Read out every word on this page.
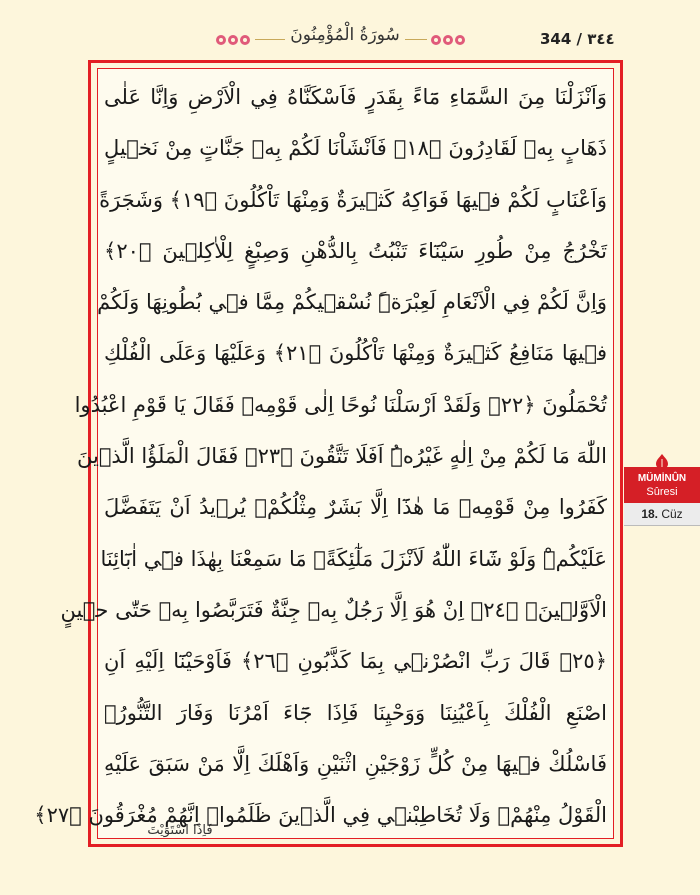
سُورَةُ الْمُؤْمِنُونَ	344 / ٣٤٤
وَاَنْزَلْنَا مِنَ السَّمَٓاءِ مَٓاءً بِقَدَرٍ فَاَسْكَنَّاهُ فِي الْاَرْضِ وَاِنَّا عَلٰى
ذَهَابٍ بِه۪ لَقَادِرُونَ ﴿١٨﴾ فَاَنْشَاْنَا لَكُمْ بِه۪ جَنَّاتٍ مِنْ نَخ۪يلٍ
وَاَعْنَابٍ لَكُمْ ف۪يهَا فَوَاكِهُ كَث۪يرَةٌ وَمِنْهَا تَاْكُلُونَ ﴿١٩﴾ وَشَجَرَةً
تَخْرُجُ مِنْ طُورِ سَيْنَٓاءَ تَنْبُتُ بِالدُّهْنِ وَصِبْغٍ لِلْاٰكِل۪ينَ ﴿٢٠﴾
وَاِنَّ لَكُمْ فِي الْاَنْعَامِ لَعِبْرَةًۜ نُسْق۪يكُمْ مِمَّا ف۪ي بُطُونِهَا وَلَكُمْ
ف۪يهَا مَنَافِعُ كَث۪يرَةٌ وَمِنْهَا تَاْكُلُونَ ﴿٢١﴾ وَعَلَيْهَا وَعَلَى الْفُلْكِ
تُحْمَلُونَ ﴿٢٢﴾ وَلَقَدْ اَرْسَلْنَا نُوحًا اِلٰى قَوْمِه۪ فَقَالَ يَا قَوْمِ اعْبُدُوا
اللّٰهَ مَا لَكُمْ مِنْ اِلٰهٍ غَيْرُهُۜ اَفَلَا تَتَّقُونَ ﴿٢٣﴾ فَقَالَ الْمَلَؤُا الَّذ۪ينَ
كَفَرُوا مِنْ قَوْمِه۪ مَا هٰذَٓا اِلَّا بَشَرٌ مِثْلُكُمْۙ يُر۪يدُ اَنْ يَتَفَضَّلَ
عَلَيْكُمْۜ وَلَوْ شَٓاءَ اللّٰهُ لَاَنْزَلَ مَلٰٓئِكَةًۚ مَا سَمِعْنَا بِهٰذَا ف۪ٓي اٰبَٓائِنَا
الْاَوَّل۪ينَۚ ﴿٢٤﴾ اِنْ هُوَ اِلَّا رَجُلٌ بِه۪ جِنَّةٌ فَتَرَبَّصُوا بِه۪ حَتّٰى ح۪ينٍ
﴿٢٥﴾ قَالَ رَبِّ انْصُرْن۪ي بِمَا كَذَّبُونِ ﴿٢٦﴾ فَاَوْحَيْنَٓا اِلَيْهِ اَنِ
اصْنَعِ الْفُلْكَ بِاَعْيُنِنَا وَوَحْيِنَا فَاِذَا جَٓاءَ اَمْرُنَا وَفَارَ التَّنُّورُۙ
فَاسْلُكْ ف۪يهَا مِنْ كُلٍّ زَوْجَيْنِ اثْنَيْنِ وَاَهْلَكَ اِلَّا مَنْ سَبَقَ عَلَيْهِ
الْقَوْلُ مِنْهُمْۚ وَلَا تُخَاطِبْن۪ي فِي الَّذ۪ينَ ظَلَمُواۚ اِنَّهُمْ مُغْرَقُونَ ﴿٢٧﴾
فَاِذَا اسْتَوَيْتَ
MÜMİNÛN
Sûresi
18. Cüz
